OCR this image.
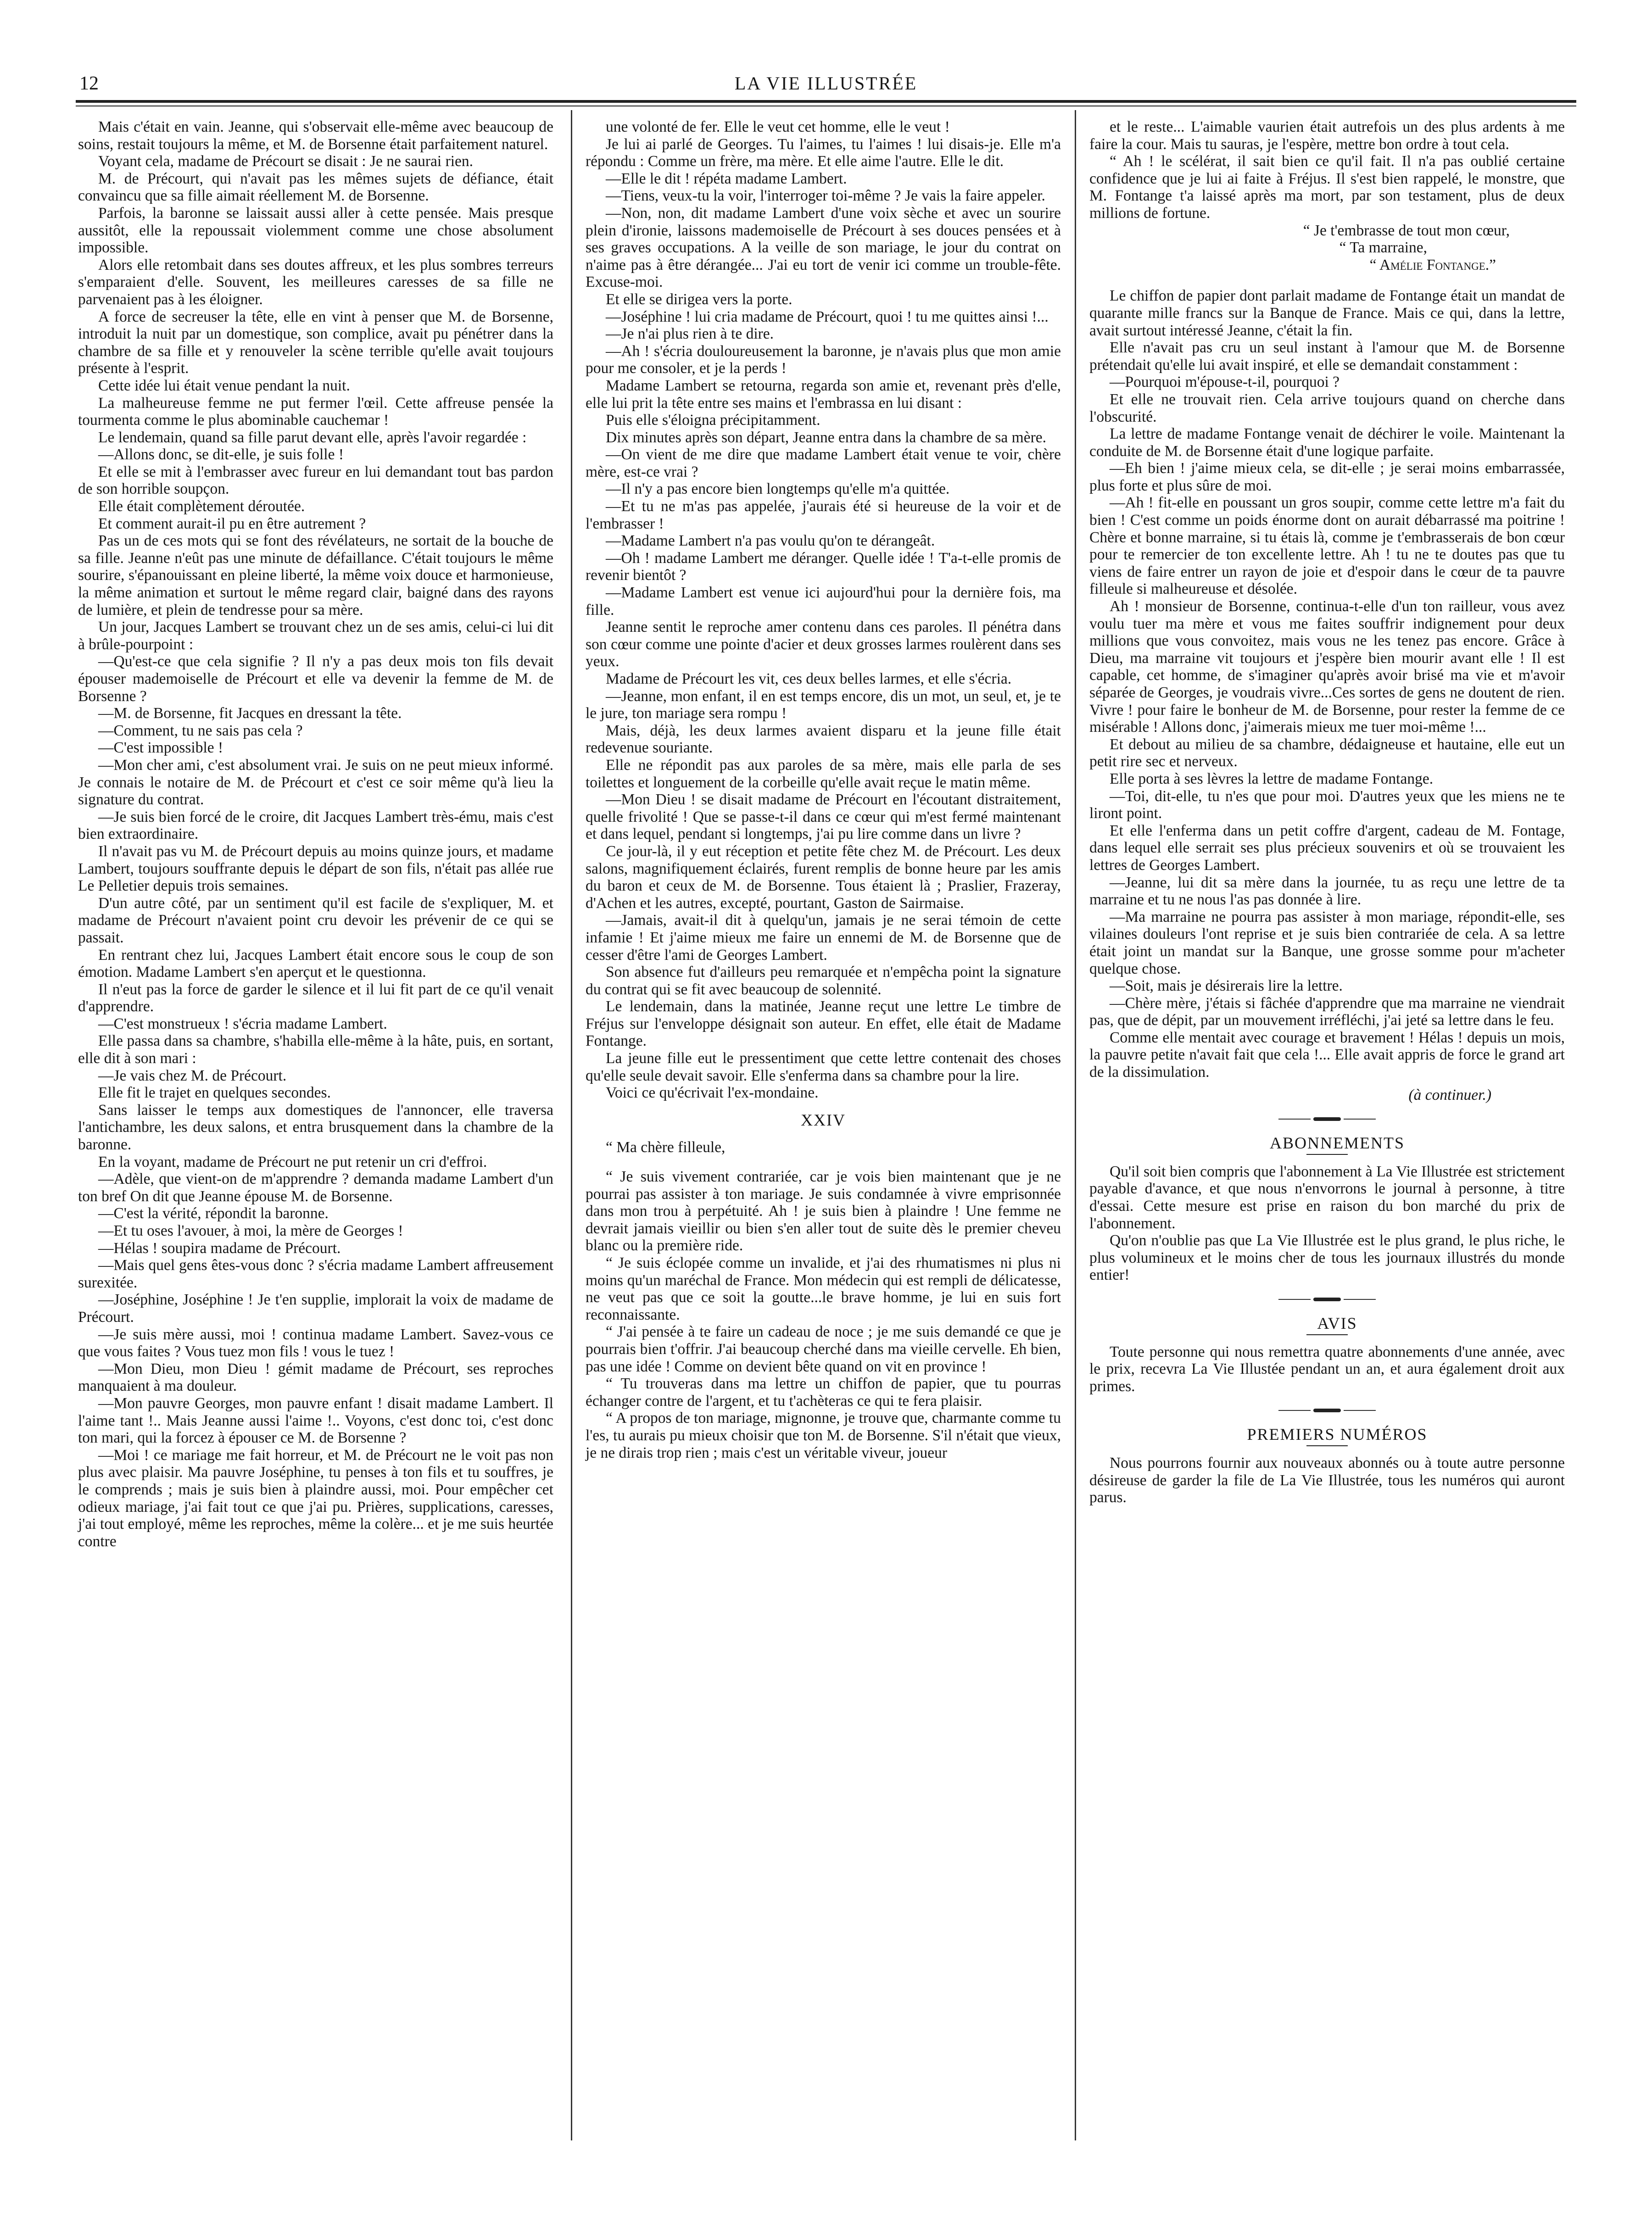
12	LA VIE ILLUSTRÉE

Mais c'était en vain. Jeanne, qui s'observait elle-même avec beaucoup de soins, restait toujours la même, et M. de Borsenne était parfaitement naturel.

Voyant cela, madame de Précourt se disait : Je ne saurai rien.

M. de Précourt, qui n'avait pas les mêmes sujets de défiance, était convaincu que sa fille aimait réellement M. de Borsenne.

Parfois, la baronne se laissait aussi aller à cette pensée. Mais presque aussitôt, elle la repoussait violemment comme une chose absolument impossible.

Alors elle retombait dans ses doutes affreux, et les plus sombres terreurs s'emparaient d'elle. Souvent, les meilleures caresses de sa fille ne parvenaient pas à les éloigner.

A force de secreuser la tête, elle en vint à penser que M. de Borsenne, introduit la nuit par un domestique, son complice, avait pu pénétrer dans la chambre de sa fille et y renouveler la scène terrible qu'elle avait toujours présente à l'esprit.

Cette idée lui était venue pendant la nuit.

La malheureuse femme ne put fermer l'œil. Cette affreuse pensée la tourmenta comme le plus abominable cauchemar !

Le lendemain, quand sa fille parut devant elle, après l'avoir regardée :

—Allons donc, se dit-elle, je suis folle !

Et elle se mit à l'embrasser avec fureur en lui demandant tout bas pardon de son horrible soupçon.

Elle était complètement déroutée.

Et comment aurait-il pu en être autrement ?

Pas un de ces mots qui se font des révélateurs, ne sortait de la bouche de sa fille. Jeanne n'eût pas une minute de défaillance. C'était toujours le même sourire, s'épanouissant en pleine liberté, la même voix douce et harmonieuse, la même animation et surtout le même regard clair, baigné dans des rayons de lumière, et plein de tendresse pour sa mère.

Un jour, Jacques Lambert se trouvant chez un de ses amis, celui-ci lui dit à brûle-pourpoint :

—Qu'est-ce que cela signifie ? Il n'y a pas deux mois ton fils devait épouser mademoiselle de Précourt et elle va devenir la femme de M. de Borsenne ?

—M. de Borsenne, fit Jacques en dressant la tête.

—Comment, tu ne sais pas cela ?

—C'est impossible !

—Mon cher ami, c'est absolument vrai. Je suis on ne peut mieux informé. Je connais le notaire de M. de Précourt et c'est ce soir même qu'à lieu la signature du contrat.

—Je suis bien forcé de le croire, dit Jacques Lambert très-ému, mais c'est bien extraordinaire.

Il n'avait pas vu M. de Précourt depuis au moins quinze jours, et madame Lambert, toujours souffrante depuis le départ de son fils, n'était pas allée rue Le Pelletier depuis trois semaines.

D'un autre côté, par un sentiment qu'il est facile de s'expliquer, M. et madame de Précourt n'avaient point cru devoir les prévenir de ce qui se passait.

En rentrant chez lui, Jacques Lambert était encore sous le coup de son émotion. Madame Lambert s'en aperçut et le questionna.

Il n'eut pas la force de garder le silence et il lui fit part de ce qu'il venait d'apprendre.

—C'est monstrueux ! s'écria madame Lambert.

Elle passa dans sa chambre, s'habilla elle-même à la hâte, puis, en sortant, elle dit à son mari :

—Je vais chez M. de Précourt.

Elle fit le trajet en quelques secondes.

Sans laisser le temps aux domestiques de l'annoncer, elle traversa l'antichambre, les deux salons, et entra brusquement dans la chambre de la baronne.

En la voyant, madame de Précourt ne put retenir un cri d'effroi.

—Adèle, que vient-on de m'apprendre ? demanda madame Lambert d'un ton bref On dit que Jeanne épouse M. de Borsenne.

—C'est la vérité, répondit la baronne.

—Et tu oses l'avouer, à moi, la mère de Georges !

—Hélas ! soupira madame de Précourt.

—Mais quel gens êtes-vous donc ? s'écria madame Lambert affreusement surexitée.

—Joséphine, Joséphine ! Je t'en supplie, implorait la voix de madame de Précourt.

—Je suis mère aussi, moi ! continua madame Lambert. Savez-vous ce que vous faites ? Vous tuez mon fils ! vous le tuez !

—Mon Dieu, mon Dieu ! gémit madame de Précourt, ses reproches manquaient à ma douleur.

—Mon pauvre Georges, mon pauvre enfant ! disait madame Lambert. Il l'aime tant !.. Mais Jeanne aussi l'aime !.. Voyons, c'est donc toi, c'est donc ton mari, qui la forcez à épouser ce M. de Borsenne ?

—Moi ! ce mariage me fait horreur, et M. de Précourt ne le voit pas non plus avec plaisir. Ma pauvre Joséphine, tu penses à ton fils et tu souffres, je le comprends ; mais je suis bien à plaindre aussi, moi. Pour empêcher cet odieux mariage, j'ai fait tout ce que j'ai pu. Prières, supplications, caresses, j'ai tout employé, même les reproches, même la colère... et je me suis heurtée contre

une volonté de fer. Elle le veut cet homme, elle le veut !

Je lui ai parlé de Georges. Tu l'aimes, tu l'aimes ! lui disais-je. Elle m'a répondu : Comme un frère, ma mère. Et elle aime l'autre. Elle le dit.

—Elle le dit ! répéta madame Lambert.

—Tiens, veux-tu la voir, l'interroger toi-même ? Je vais la faire appeler.

—Non, non, dit madame Lambert d'une voix sèche et avec un sourire plein d'ironie, laissons mademoiselle de Précourt à ses douces pensées et à ses graves occupations. A la veille de son mariage, le jour du contrat on n'aime pas à être dérangée... J'ai eu tort de venir ici comme un trouble-fête. Excuse-moi.

Et elle se dirigea vers la porte.

—Joséphine ! lui cria madame de Précourt, quoi ! tu me quittes ainsi !...

—Je n'ai plus rien à te dire.

—Ah ! s'écria douloureusement la baronne, je n'avais plus que mon amie pour me consoler, et je la perds !

Madame Lambert se retourna, regarda son amie et, revenant près d'elle, elle lui prit la tête entre ses mains et l'embrassa en lui disant :

Puis elle s'éloigna précipitamment.

Dix minutes après son départ, Jeanne entra dans la chambre de sa mère.

—On vient de me dire que madame Lambert était venue te voir, chère mère, est-ce vrai ?

—Il n'y a pas encore bien longtemps qu'elle m'a quittée.

—Et tu ne m'as pas appelée, j'aurais été si heureuse de la voir et de l'embrasser !

—Madame Lambert n'a pas voulu qu'on te dérangeât.

—Oh ! madame Lambert me déranger. Quelle idée ! T'a-t-elle promis de revenir bientôt ?

—Madame Lambert est venue ici aujourd'hui pour la dernière fois, ma fille.

Jeanne sentit le reproche amer contenu dans ces paroles. Il pénétra dans son cœur comme une pointe d'acier et deux grosses larmes roulèrent dans ses yeux.

Madame de Précourt les vit, ces deux belles larmes, et elle s'écria.

—Jeanne, mon enfant, il en est temps encore, dis un mot, un seul, et, je te le jure, ton mariage sera rompu !

Mais, déjà, les deux larmes avaient disparu et la jeune fille était redevenue souriante.

Elle ne répondit pas aux paroles de sa mère, mais elle parla de ses toilettes et longuement de la corbeille qu'elle avait reçue le matin même.

—Mon Dieu ! se disait madame de Précourt en l'écoutant distraitement, quelle frivolité ! Que se passe-t-il dans ce cœur qui m'est fermé maintenant et dans lequel, pendant si longtemps, j'ai pu lire comme dans un livre ?

Ce jour-là, il y eut réception et petite fête chez M. de Précourt. Les deux salons, magnifiquement éclairés, furent remplis de bonne heure par les amis du baron et ceux de M. de Borsenne. Tous étaient là ; Praslier, Frazeray, d'Achen et les autres, excepté, pourtant, Gaston de Sairmaise.

—Jamais, avait-il dit à quelqu'un, jamais je ne serai témoin de cette infamie ! Et j'aime mieux me faire un ennemi de M. de Borsenne que de cesser d'être l'ami de Georges Lambert.

Son absence fut d'ailleurs peu remarquée et n'empêcha point la signature du contrat qui se fit avec beaucoup de solennité.

Le lendemain, dans la matinée, Jeanne reçut une lettre Le timbre de Fréjus sur l'enveloppe désignait son auteur. En effet, elle était de Madame Fontange.

La jeune fille eut le pressentiment que cette lettre contenait des choses qu'elle seule devait savoir. Elle s'enferma dans sa chambre pour la lire.

Voici ce qu'écrivait l'ex-mondaine.

XXIV

“ Ma chère filleule,

“ Je suis vivement contrariée, car je vois bien maintenant que je ne pourrai pas assister à ton mariage. Je suis condamnée à vivre emprisonnée dans mon trou à perpétuité. Ah ! je suis bien à plaindre ! Une femme ne devrait jamais vieillir ou bien s'en aller tout de suite dès le premier cheveu blanc ou la première ride.

“ Je suis éclopée comme un invalide, et j'ai des rhumatismes ni plus ni moins qu'un maréchal de France. Mon médecin qui est rempli de délicatesse, ne veut pas que ce soit la goutte...le brave homme, je lui en suis fort reconnaissante.

“ J'ai pensée à te faire un cadeau de noce ; je me suis demandé ce que je pourrais bien t'offrir. J'ai beaucoup cherché dans ma vieille cervelle. Eh bien, pas une idée ! Comme on devient bête quand on vit en province !

“ Tu trouveras dans ma lettre un chiffon de papier, que tu pourras échanger contre de l'argent, et tu t'achèteras ce qui te fera plaisir.

“ A propos de ton mariage, mignonne, je trouve que, charmante comme tu l'es, tu aurais pu mieux choisir que ton M. de Borsenne. S'il n'était que vieux, je ne dirais trop rien ; mais c'est un véritable viveur, joueur

et le reste... L'aimable vaurien était autrefois un des plus ardents à me faire la cour. Mais tu sauras, je l'espère, mettre bon ordre à tout cela.

“ Ah ! le scélérat, il sait bien ce qu'il fait. Il n'a pas oublié certaine confidence que je lui ai faite à Fréjus. Il s'est bien rappelé, le monstre, que M. Fontange t'a laissé après ma mort, par son testament, plus de deux millions de fortune.

“ Je t'embrasse de tout mon cœur,

“ Ta marraine,

“ Amélie Fontange.”

Le chiffon de papier dont parlait madame de Fontange était un mandat de quarante mille francs sur la Banque de France. Mais ce qui, dans la lettre, avait surtout intéressé Jeanne, c'était la fin.

Elle n'avait pas cru un seul instant à l'amour que M. de Borsenne prétendait qu'elle lui avait inspiré, et elle se demandait constamment :

—Pourquoi m'épouse-t-il, pourquoi ?

Et elle ne trouvait rien. Cela arrive toujours quand on cherche dans l'obscurité.

La lettre de madame Fontange venait de déchirer le voile. Maintenant la conduite de M. de Borsenne était d'une logique parfaite.

—Eh bien ! j'aime mieux cela, se dit-elle ; je serai moins embarrassée, plus forte et plus sûre de moi.

—Ah ! fit-elle en poussant un gros soupir, comme cette lettre m'a fait du bien ! C'est comme un poids énorme dont on aurait débarrassé ma poitrine ! Chère et bonne marraine, si tu étais là, comme je t'embrasserais de bon cœur pour te remercier de ton excellente lettre. Ah ! tu ne te doutes pas que tu viens de faire entrer un rayon de joie et d'espoir dans le cœur de ta pauvre filleule si malheureuse et désolée.

Ah ! monsieur de Borsenne, continua-t-elle d'un ton railleur, vous avez voulu tuer ma mère et vous me faites souffrir indignement pour deux millions que vous convoitez, mais vous ne les tenez pas encore. Grâce à Dieu, ma marraine vit toujours et j'espère bien mourir avant elle ! Il est capable, cet homme, de s'imaginer qu'après avoir brisé ma vie et m'avoir séparée de Georges, je voudrais vivre...Ces sortes de gens ne doutent de rien. Vivre ! pour faire le bonheur de M. de Borsenne, pour rester la femme de ce misérable ! Allons donc, j'aimerais mieux me tuer moi-même !...

Et debout au milieu de sa chambre, dédaigneuse et hautaine, elle eut un petit rire sec et nerveux.

Elle porta à ses lèvres la lettre de madame Fontange.

—Toi, dit-elle, tu n'es que pour moi. D'autres yeux que les miens ne te liront point.

Et elle l'enferma dans un petit coffre d'argent, cadeau de M. Fontage, dans lequel elle serrait ses plus précieux souvenirs et où se trouvaient les lettres de Georges Lambert.

—Jeanne, lui dit sa mère dans la journée, tu as reçu une lettre de ta marraine et tu ne nous l'as pas donnée à lire.

—Ma marraine ne pourra pas assister à mon mariage, répondit-elle, ses vilaines douleurs l'ont reprise et je suis bien contrariée de cela. A sa lettre était joint un mandat sur la Banque, une grosse somme pour m'acheter quelque chose.

—Soit, mais je désirerais lire la lettre.

—Chère mère, j'étais si fâchée d'apprendre que ma marraine ne viendrait pas, que de dépit, par un mouvement irréfléchi, j'ai jeté sa lettre dans le feu.

Comme elle mentait avec courage et bravement ! Hélas ! depuis un mois, la pauvre petite n'avait fait que cela !... Elle avait appris de force le grand art de la dissimulation.

(à continuer.)

ABONNEMENTS

Qu'il soit bien compris que l'abonnement à La Vie Illustrée est strictement payable d'avance, et que nous n'envorrons le journal à personne, à titre d'essai. Cette mesure est prise en raison du bon marché du prix de l'abonnement.

Qu'on n'oublie pas que La Vie Illustrée est le plus grand, le plus riche, le plus volumineux et le moins cher de tous les journaux illustrés du monde entier!

AVIS

Toute personne qui nous remettra quatre abonnements d'une année, avec le prix, recevra La Vie Illustée pendant un an, et aura également droit aux primes.

PREMIERS NUMÉROS

Nous pourrons fournir aux nouveaux abonnés ou à toute autre personne désireuse de garder la file de La Vie Illustrée, tous les numéros qui auront parus.
